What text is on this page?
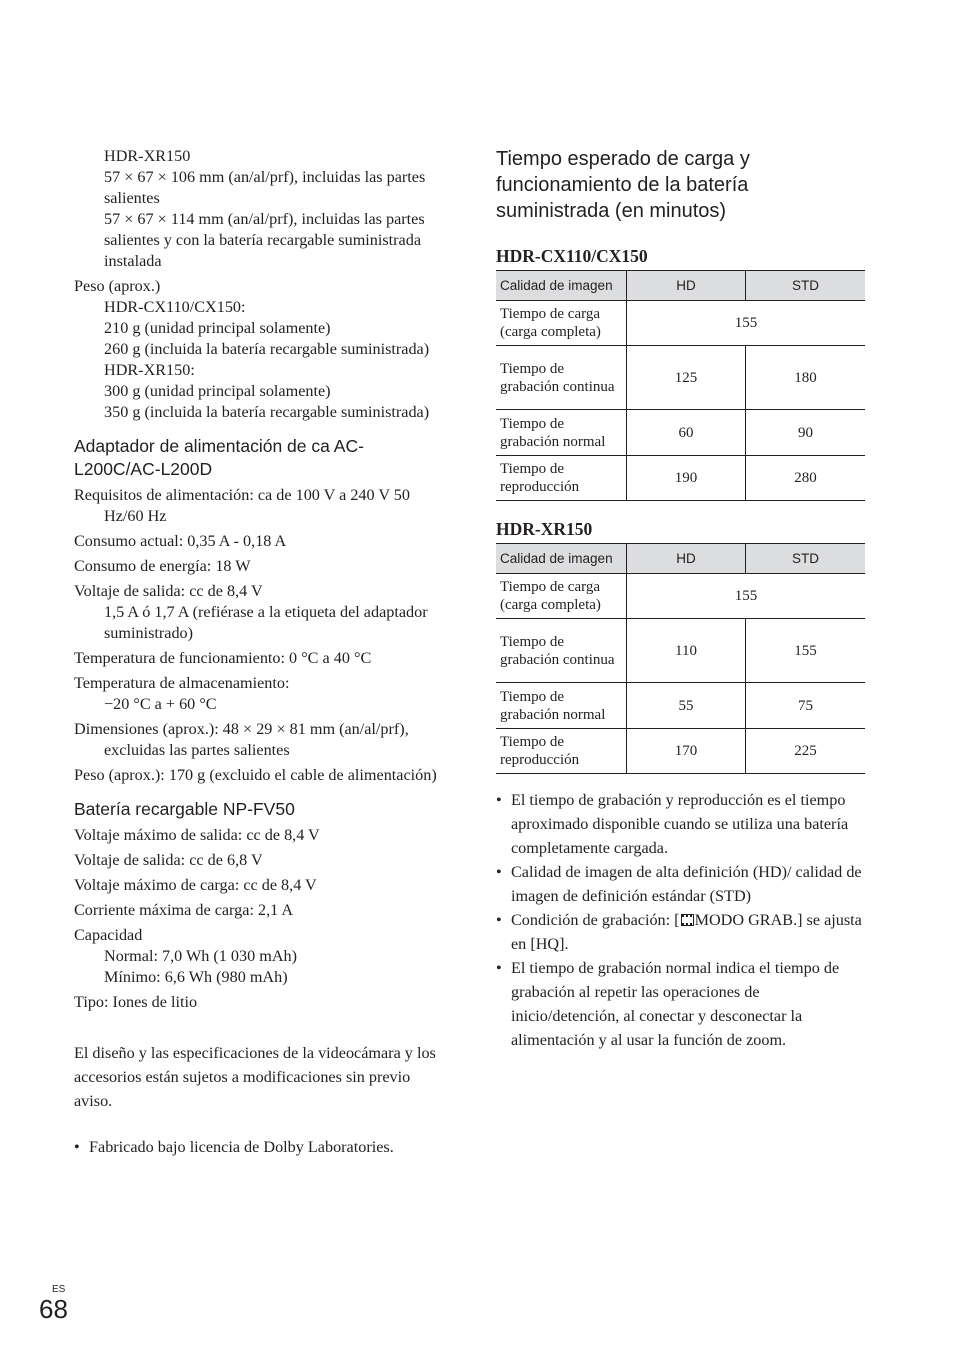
HDR-XR150

57 × 67 × 106 mm (an/al/prf), incluidas las partes salientes

57 × 67 × 114 mm (an/al/prf), incluidas las partes salientes y con la batería recargable suministrada instalada

Peso (aprox.)

HDR-CX110/CX150:

210 g (unidad principal solamente)

260 g (incluida la batería recargable suministrada)

HDR-XR150:

300 g (unidad principal solamente)

350 g (incluida la batería recargable suministrada)

Adaptador de alimentación de ca AC-L200C/AC-L200D

Requisitos de alimentación: ca de 100 V a 240 V 50 Hz/60 Hz

Consumo actual: 0,35 A - 0,18 A

Consumo de energía: 18 W

Voltaje de salida: cc de 8,4 V

1,5 A ó 1,7 A (refiérase a la etiqueta del adaptador suministrado)

Temperatura de funcionamiento: 0 °C a 40 °C

Temperatura de almacenamiento:

−20 °C a + 60 °C

Dimensiones (aprox.): 48 × 29 × 81 mm (an/al/prf), excluidas las partes salientes

Peso (aprox.): 170 g (excluido el cable de alimentación)

Batería recargable NP-FV50

Voltaje máximo de salida: cc de 8,4 V

Voltaje de salida: cc de 6,8 V

Voltaje máximo de carga: cc de 8,4 V

Corriente máxima de carga: 2,1 A

Capacidad

Normal: 7,0 Wh (1 030 mAh)

Mínimo: 6,6 Wh (980 mAh)

Tipo: Iones de litio

El diseño y las especificaciones de la videocámara y los accesorios están sujetos a modificaciones sin previo aviso.

• Fabricado bajo licencia de Dolby Laboratories.

Tiempo esperado de carga y funcionamiento de la batería suministrada (en minutos)

HDR-CX110/CX150

Calidad de imagen	HD	STD
Tiempo de carga (carga completa)	155	
Tiempo de grabación continua	125	180
Tiempo de grabación normal	60	90
Tiempo de reproducción	190	280

HDR-XR150

Calidad de imagen	HD	STD
Tiempo de carga (carga completa)	155	
Tiempo de grabación continua	110	155
Tiempo de grabación normal	55	75
Tiempo de reproducción	170	225

• El tiempo de grabación y reproducción es el tiempo aproximado disponible cuando se utiliza una batería completamente cargada.

• Calidad de imagen de alta definición (HD)/ calidad de imagen de definición estándar (STD)

• Condición de grabación: [ MODO GRAB.] se ajusta en [HQ].

• El tiempo de grabación normal indica el tiempo de grabación al repetir las operaciones de inicio/detención, al conectar y desconectar la alimentación y al usar la función de zoom.

ES
68
